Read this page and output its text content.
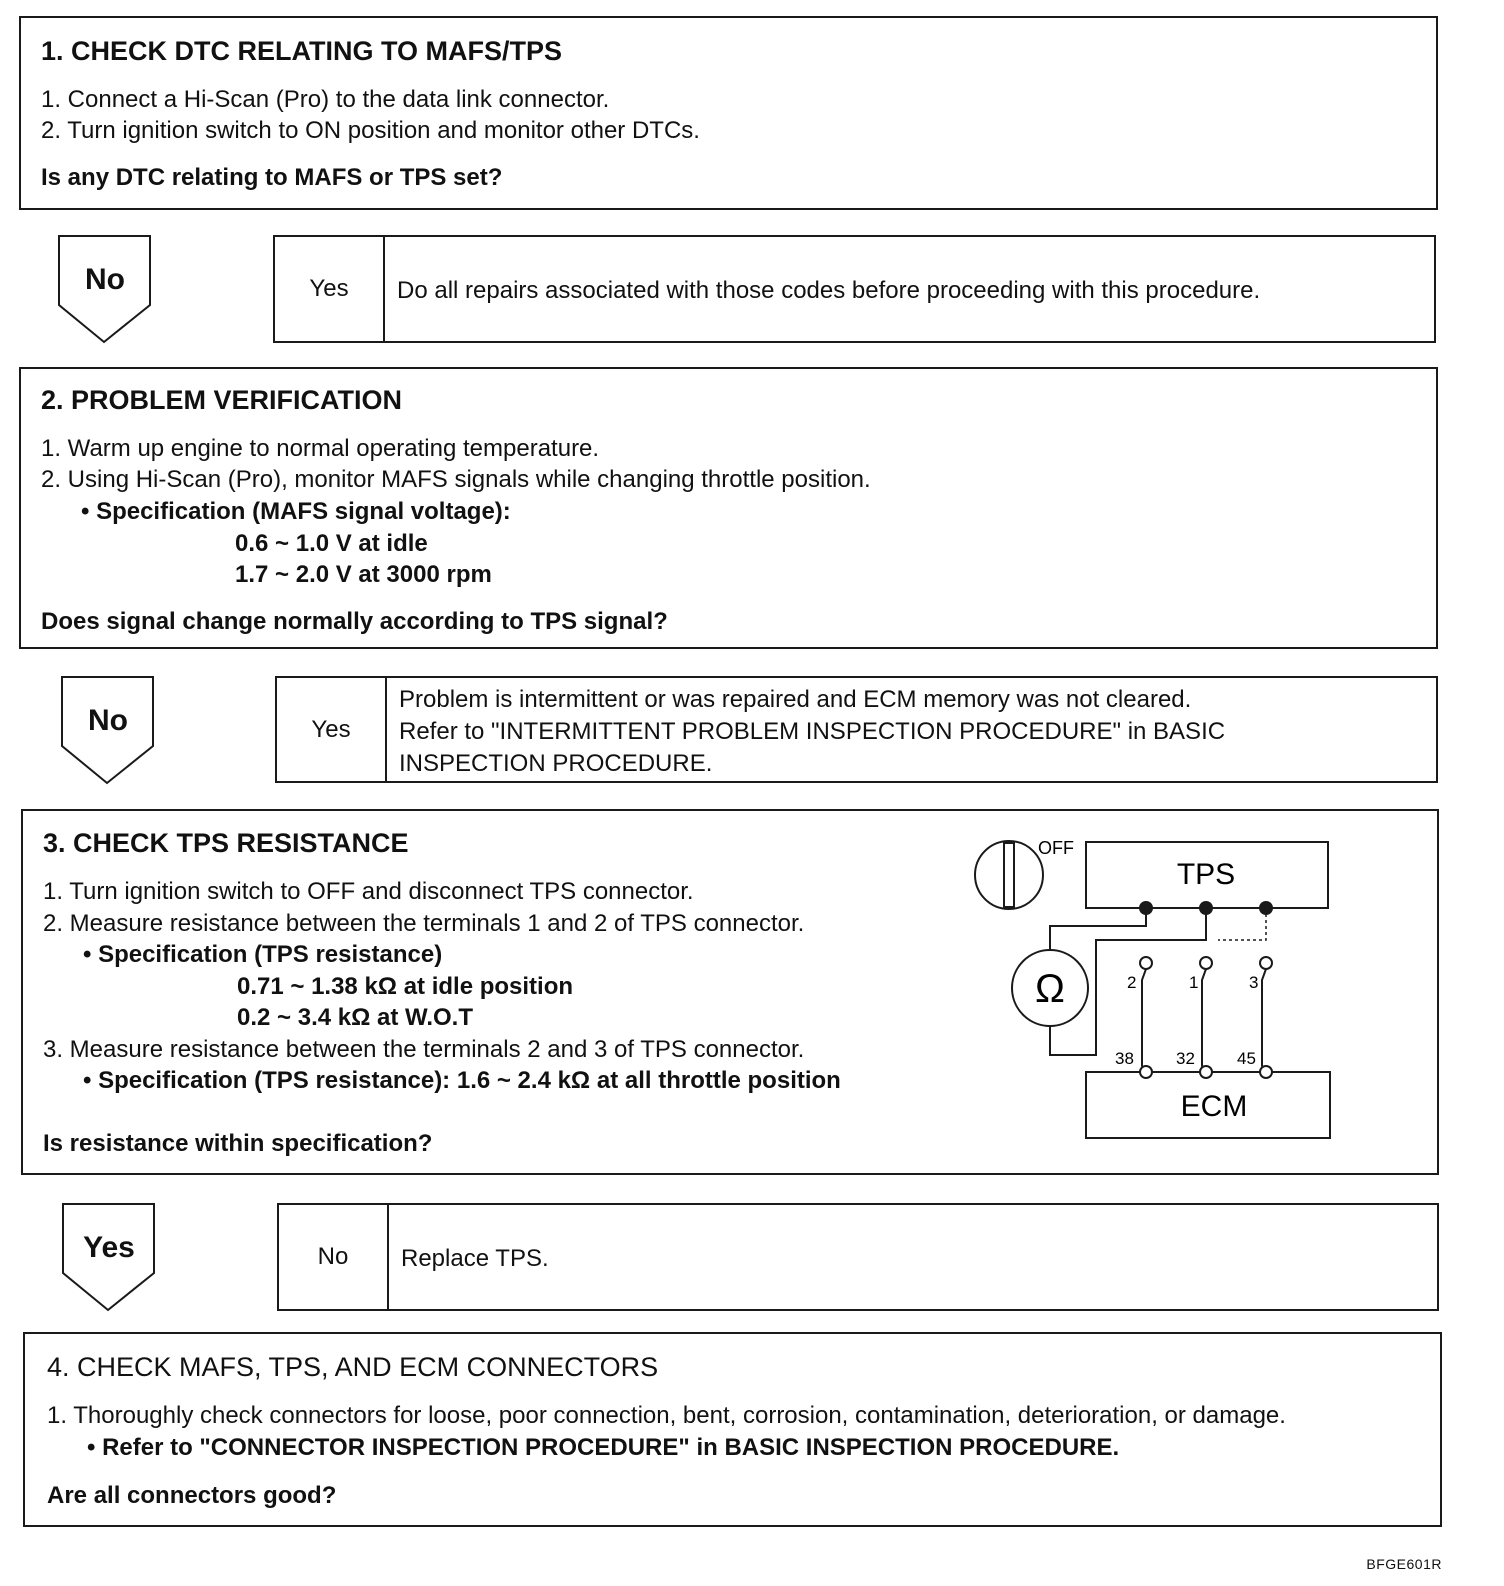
1. CHECK DTC RELATING TO MAFS/TPS
1. Connect a Hi-Scan (Pro) to the data link connector.
2. Turn ignition switch to ON position and monitor other DTCs.
Is any DTC relating to MAFS or TPS set?
No	Yes	Do all repairs associated with those codes before proceeding with this procedure.
2. PROBLEM VERIFICATION
1. Warm up engine to normal operating temperature.
2. Using Hi-Scan (Pro), monitor MAFS signals while changing throttle position.
• Specification (MAFS signal voltage):
0.6 ~ 1.0 V at idle
1.7 ~ 2.0 V at 3000 rpm
Does signal change normally according to TPS signal?
No	Yes
Problem is intermittent or was repaired and ECM memory was not cleared.
Refer to "INTERMITTENT PROBLEM INSPECTION PROCEDURE" in BASIC
INSPECTION PROCEDURE.
3. CHECK TPS RESISTANCE
1. Turn ignition switch to OFF and disconnect TPS connector.
2. Measure resistance between the terminals 1 and 2 of TPS connector.
• Specification (TPS resistance)
0.71 ~ 1.38 kΩ at idle position
0.2 ~ 3.4 kΩ at W.O.T
3. Measure resistance between the terminals 2 and 3 of TPS connector.
• Specification (TPS resistance): 1.6 ~ 2.4 kΩ at all throttle position
Is resistance within specification?
OFF
TPS
ECM
Ω	2	1	3
38 32 45
Yes	No	Replace TPS.
4. CHECK MAFS, TPS, AND ECM CONNECTORS
1. Thoroughly check connectors for loose, poor connection, bent, corrosion, contamination, deterioration, or damage.
• Refer to "CONNECTOR INSPECTION PROCEDURE" in BASIC INSPECTION PROCEDURE.
Are all connectors good?
BFGE601R
